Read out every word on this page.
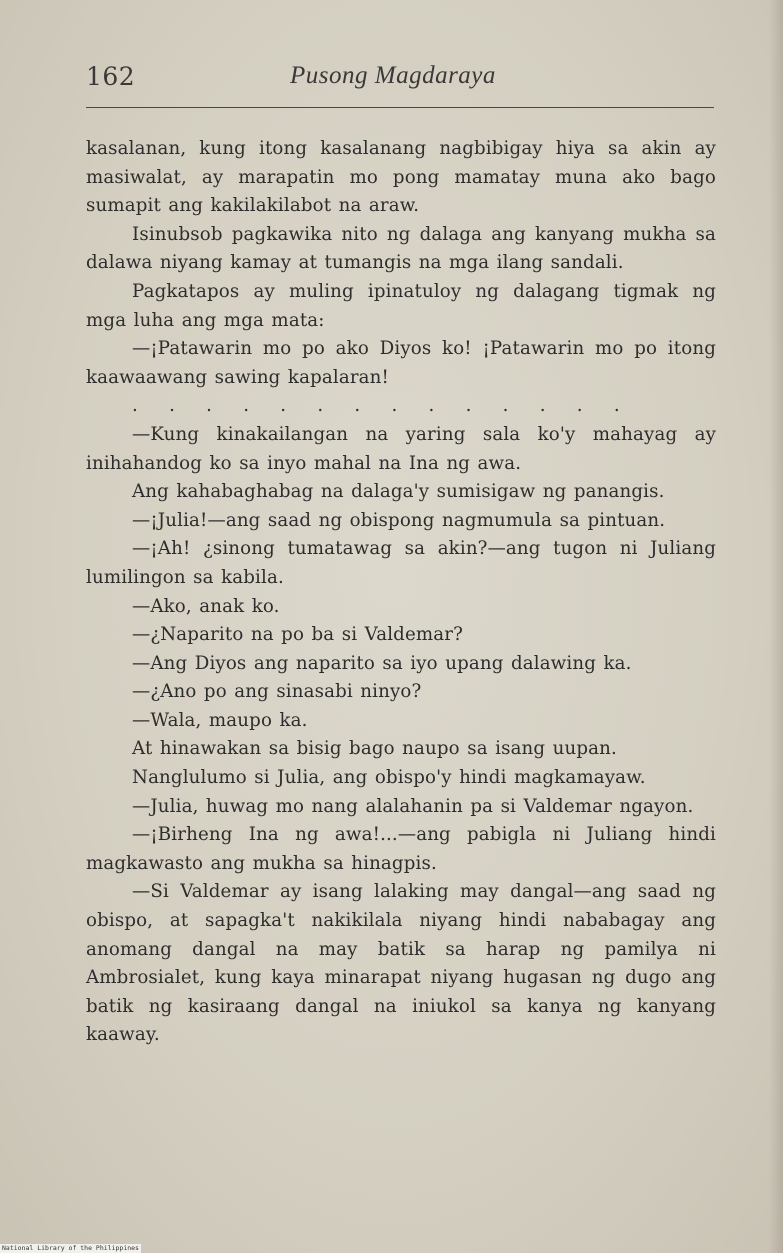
162	Pusong Magdaraya

kasalanan, kung itong kasalanang nagbibigay hiya sa akin ay masiwalat, ay marapatin mo pong mamatay muna ako bago sumapit ang kakilakilabot na araw.

Isinubsob pagkawika nito ng dalaga ang kanyang mukha sa dalawa niyang kamay at tumangis na mga ilang sandali.

Pagkatapos ay muling ipinatuloy ng dalagang tigmak ng mga luha ang mga mata:

—¡Patawarin mo po ako Diyos ko! ¡Patawarin mo po itong kaawaawang sawing kapalaran!

. . . . . . . . . . . . . .

—Kung kinakailangan na yaring sala ko'y mahayag ay inihahandog ko sa inyo mahal na Ina ng awa.

Ang kahabaghabag na dalaga'y sumisigaw ng panangis.

—¡Julia!—ang saad ng obispong nagmumula sa pintuan.

—¡Ah! ¿sinong tumatawag sa akin?—ang tugon ni Juliang lumilingon sa kabila.

—Ako, anak ko.

—¿Naparito na po ba si Valdemar?

—Ang Diyos ang naparito sa iyo upang dalawing ka.

—¿Ano po ang sinasabi ninyo?

—Wala, maupo ka.

At hinawakan sa bisig bago naupo sa isang uupan.

Nanglulumo si Julia, ang obispo'y hindi magkamayaw.

—Julia, huwag mo nang alalahanin pa si Valdemar ngayon.

—¡Birheng Ina ng awa!...—ang pabigla ni Juliang hindi magkawasto ang mukha sa hinagpis.

—Si Valdemar ay isang lalaking may dangal—ang saad ng obispo, at sapagka't nakikilala niyang hindi nababagay ang anomang dangal na may batik sa harap ng pamilya ni Ambrosialet, kung kaya minarapat niyang hugasan ng dugo ang batik ng kasiraang dangal na iniukol sa kanya ng kanyang kaaway.

National Library of the Philippines
